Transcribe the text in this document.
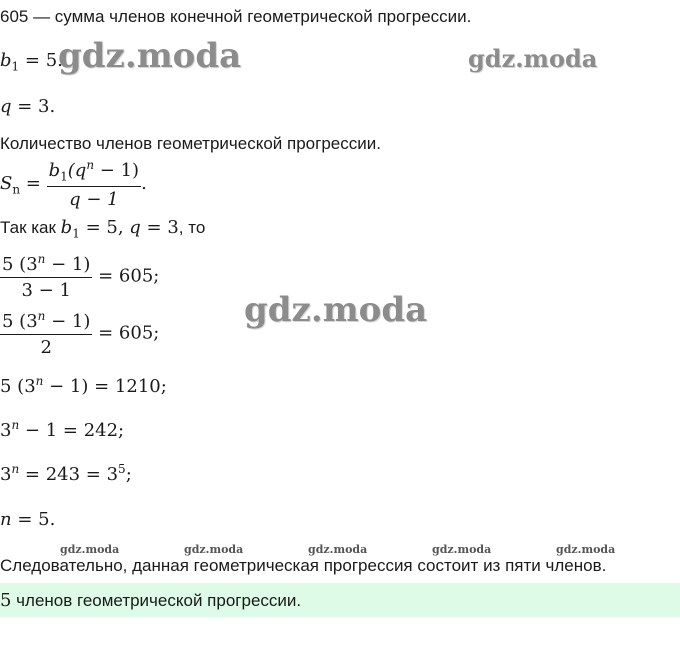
605 — сумма членов конечной геометрической прогрессии.
$b_1 = 5$.
gdz.moda	gdz.moda
q = 3.
Количество членов геометрической прогрессии.
$S_n = \frac{b_1(q^n - 1)}{q - 1}$ .
Так как $b_1 = 5$, q = 3, то
$\frac{5 (3^n - 1)}{3 - 1} = 605$;
gdz.moda
$\frac{5 (3^n - 1)}{2} = 605$;
5 $(3^n - 1) = 1210$;
$3^n - 1 = 242$;
$3^n = 243 = 3^5$;
n = 5.
gdz.moda	gdz.moda	gdz.moda	gdz.moda	gdz.moda
Следовательно, данная геометрическая прогрессия состоит из пяти членов.
5 членов геометрической прогрессии.
